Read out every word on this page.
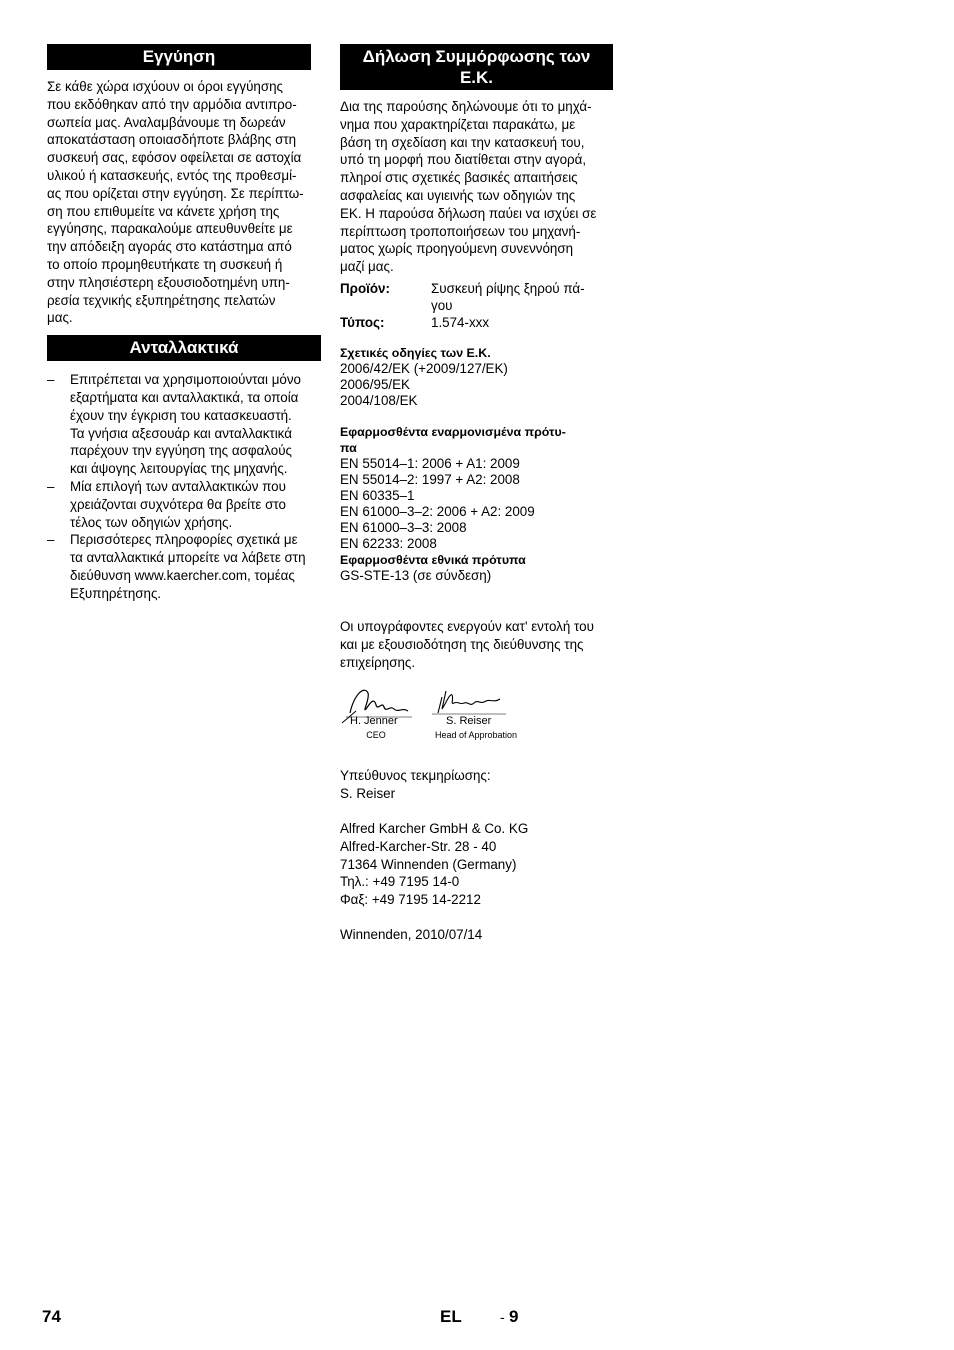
Εγγύηση

Σε κάθε χώρα ισχύουν οι όροι εγγύησης
που εκδόθηκαν από την αρμόδια αντιπρο-
σωπεία μας. Αναλαμβάνουμε τη δωρεάν
αποκατάσταση οποιασδήποτε βλάβης στη
συσκευή σας, εφόσον οφείλεται σε αστοχία
υλικού ή κατασκευής, εντός της προθεσμί-
ας που ορίζεται στην εγγύηση. Σε περίπτω-
ση που επιθυμείτε να κάνετε χρήση της
εγγύησης, παρακαλούμε απευθυνθείτε με
την απόδειξη αγοράς στο κατάστημα από
το οποίο προμηθευτήκατε τη συσκευή ή
στην πλησιέστερη εξουσιοδοτημένη υπη-
ρεσία τεχνικής εξυπηρέτησης πελατών
μας.

Ανταλλακτικά
– Επιτρέπεται να χρησιμοποιούνται μόνο
εξαρτήματα και ανταλλακτικά, τα οποία
έχουν την έγκριση του κατασκευαστή.
Τα γνήσια αξεσουάρ και ανταλλακτικά
παρέχουν την εγγύηση της ασφαλούς
και άψογης λειτουργίας της μηχανής.
– Μία επιλογή των ανταλλακτικών που
χρειάζονται συχνότερα θα βρείτε στο
τέλος των οδηγιών χρήσης.
– Περισσότερες πληροφορίες σχετικά με
τα ανταλλακτικά μπορείτε να λάβετε στη
διεύθυνση www.kaercher.com, τομέας
Εξυπηρέτησης.
Δήλωση Συμμόρφωσης των Ε.Κ.

Δια της παρούσης δηλώνουμε ότι το μηχά-
νημα που χαρακτηρίζεται παρακάτω, με
βάση τη σχεδίαση και την κατασκευή του,
υπό τη μορφή που διατίθεται στην αγορά,
πληροί στις σχετικές βασικές απαιτήσεις
ασφαλείας και υγιεινής των οδηγιών της
ΕΚ. Η παρούσα δήλωση παύει να ισχύει σε
περίπτωση τροποποιήσεων του μηχανή-
ματος χωρίς προηγούμενη συνεννόηση
μαζί μας.

Προϊόν:	Συσκευή ρίψης ξηρού πά-
γου
Τύπος:	1.574-xxx
Σχετικές οδηγίες των Ε.Κ.
2006/42/ΕΚ (+2009/127/ΕΚ)
2006/95/ΕΚ
2004/108/ΕΚ
Εφαρμοσθέντα εναρμονισμένα πρότυ-
πα
EN 55014–1: 2006 + A1: 2009
EN 55014–2: 1997 + A2: 2008
EN 60335–1
EN 61000–3–2: 2006 + A2: 2009
EN 61000–3–3: 2008
EN 62233: 2008
Εφαρμοσθέντα εθνικά πρότυπα
GS-STE-13 (σε σύνδεση)

Οι υπογράφοντες ενεργούν κατ' εντολή του
και με εξουσιοδότηση της διεύθυνσης της
επιχείρησης.

H. Jenner
CEO
S. Reiser
Head of Approbation

Υπεύθυνος τεκμηρίωσης:
S. Reiser

Alfred Karcher GmbH & Co. KG
Alfred-Karcher-Str. 28 - 40
71364 Winnenden (Germany)
Τηλ.: +49 7195 14-0
Φαξ: +49 7195 14-2212

Winnenden, 2010/07/14

74	EL	- 9
